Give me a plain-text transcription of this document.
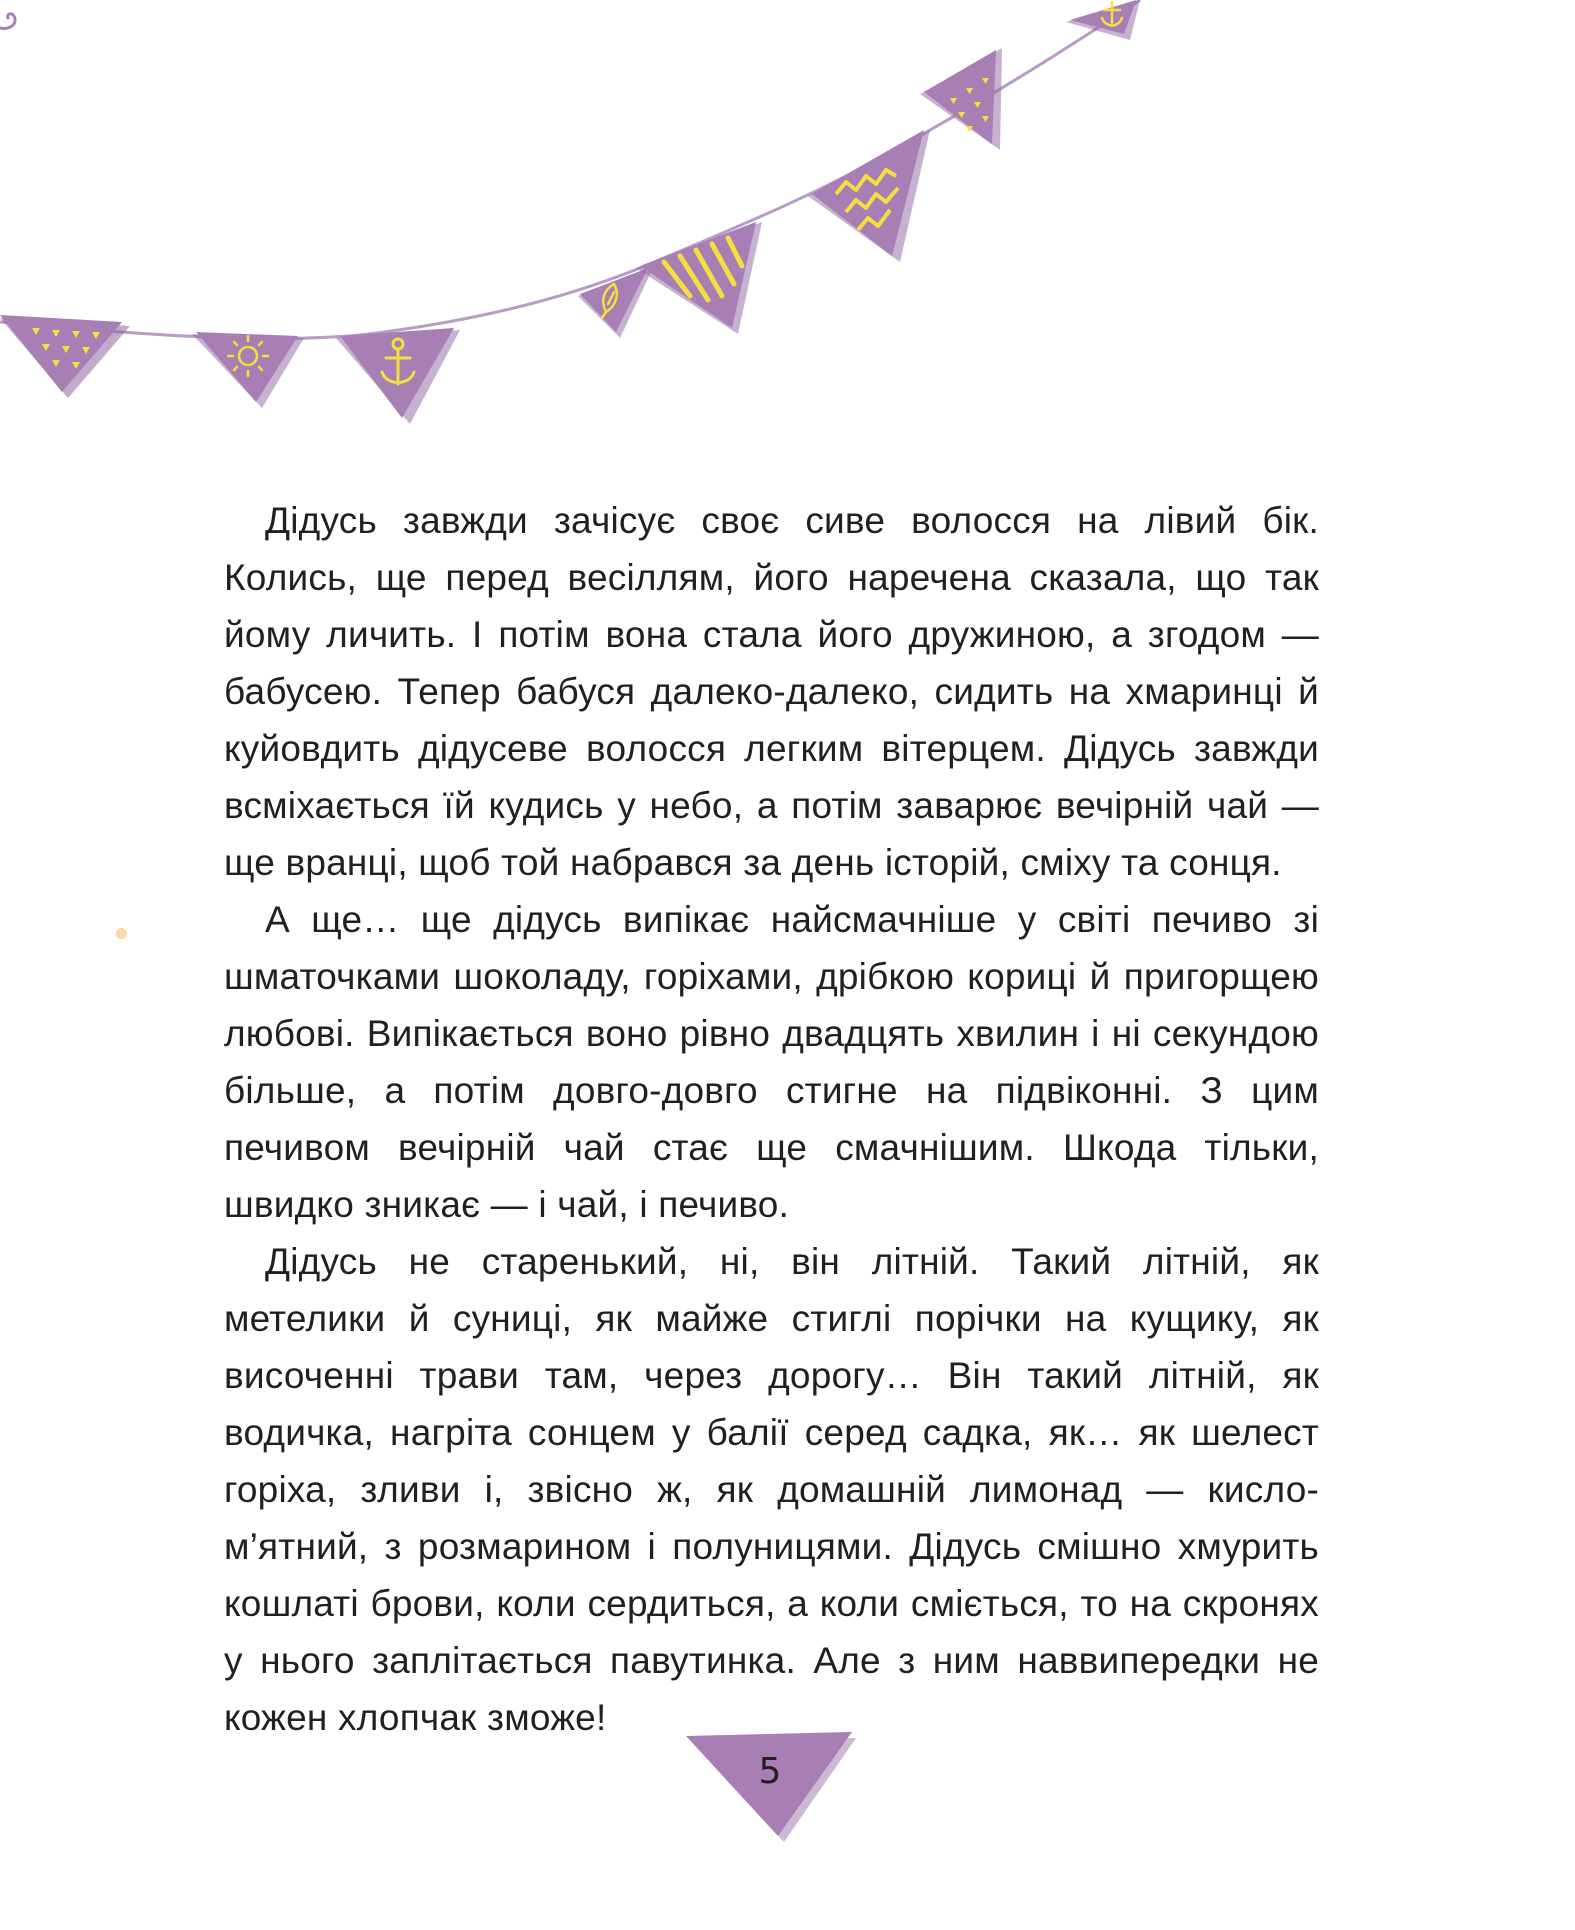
Дідусь завжди зачісує своє сиве волосся на лівий бік. Колись, ще перед весіллям, його наречена сказала, що так йому личить. І потім вона стала його дружиною, а згодом — бабусею. Тепер бабуся далеко-далеко, сидить на хмаринці й куйовдить дідусеве волосся легким вітерцем. Дідусь завжди всміхається їй кудись у небо, а потім заварює вечірній чай — ще вранці, щоб той набрався за день історій, сміху та сонця.

А ще… ще дідусь випікає найсмачніше у світі печиво зі шматочками шоколаду, горіхами, дрібкою кориці й пригорщею любові. Випікається воно рівно двадцять хвилин і ні секундою більше, а потім довго-довго стигне на підвіконні. З цим печивом вечірній чай стає ще смачнішим. Шкода тільки, швидко зникає — і чай, і печиво.

Дідусь не старенький, ні, він літній. Такий літній, як метелики й суниці, як майже стиглі порічки на кущику, як височенні трави там, через дорогу… Він такий літній, як водичка, нагріта сонцем у балії серед садка, як… як шелест горіха, зливи і, звісно ж, як домашній лимонад — кисло-м’ятний, з розмарином і полуницями. Дідусь смішно хмурить кошлаті брови, коли сердиться, а коли сміється, то на скронях у нього заплітається павутинка. Але з ним наввипередки не кожен хлопчак зможе!

5
